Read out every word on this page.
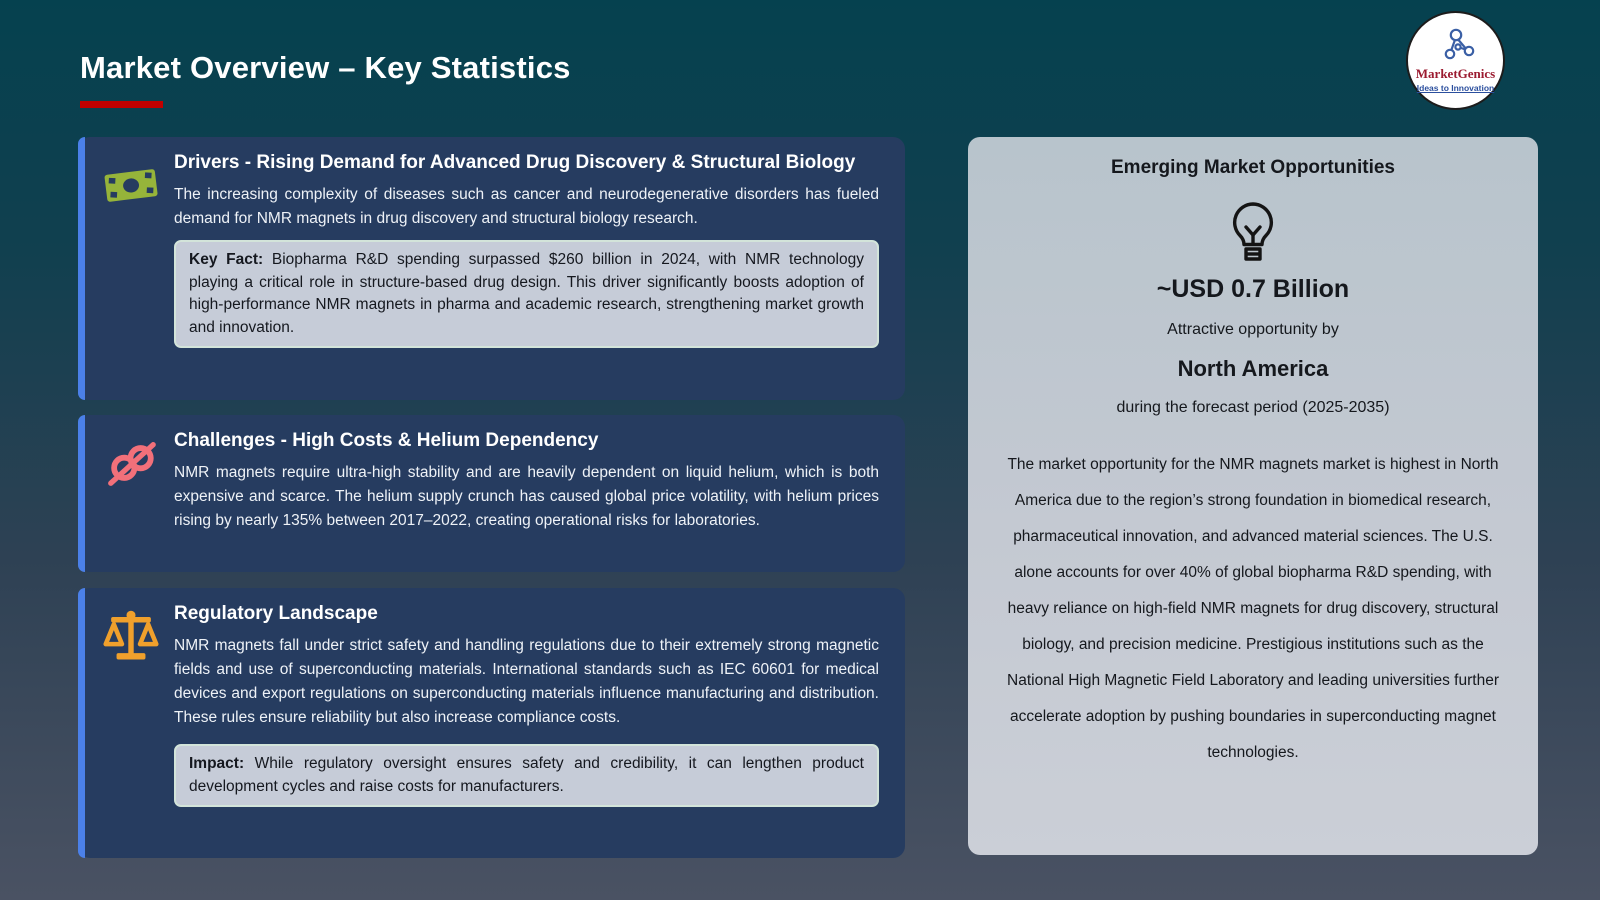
Market Overview – Key Statistics	MarketGenics
Ideas to Innovation
Drivers - Rising Demand for Advanced Drug Discovery & Structural Biology
The increasing complexity of diseases such as cancer and neurodegenerative disorders has fueled demand for NMR magnets in drug discovery and structural biology research.
Key Fact: Biopharma R&D spending surpassed $260 billion in 2024, with NMR technology playing a critical role in structure-based drug design. This driver significantly boosts adoption of high-performance NMR magnets in pharma and academic research, strengthening market growth and innovation.
Challenges - High Costs & Helium Dependency
NMR magnets require ultra-high stability and are heavily dependent on liquid helium, which is both expensive and scarce. The helium supply crunch has caused global price volatility, with helium prices rising by nearly 135% between 2017–2022, creating operational risks for laboratories.
Regulatory Landscape
NMR magnets fall under strict safety and handling regulations due to their extremely strong magnetic fields and use of superconducting materials. International standards such as IEC 60601 for medical devices and export regulations on superconducting materials influence manufacturing and distribution. These rules ensure reliability but also increase compliance costs.
Impact: While regulatory oversight ensures safety and credibility, it can lengthen product development cycles and raise costs for manufacturers.
Emerging Market Opportunities
~USD 0.7 Billion
Attractive opportunity by
North America
during the forecast period (2025-2035)
The market opportunity for the NMR magnets market is highest in North America due to the region’s strong foundation in biomedical research, pharmaceutical innovation, and advanced material sciences. The U.S. alone accounts for over 40% of global biopharma R&D spending, with heavy reliance on high-field NMR magnets for drug discovery, structural biology, and precision medicine. Prestigious institutions such as the National High Magnetic Field Laboratory and leading universities further accelerate adoption by pushing boundaries in superconducting magnet technologies.
